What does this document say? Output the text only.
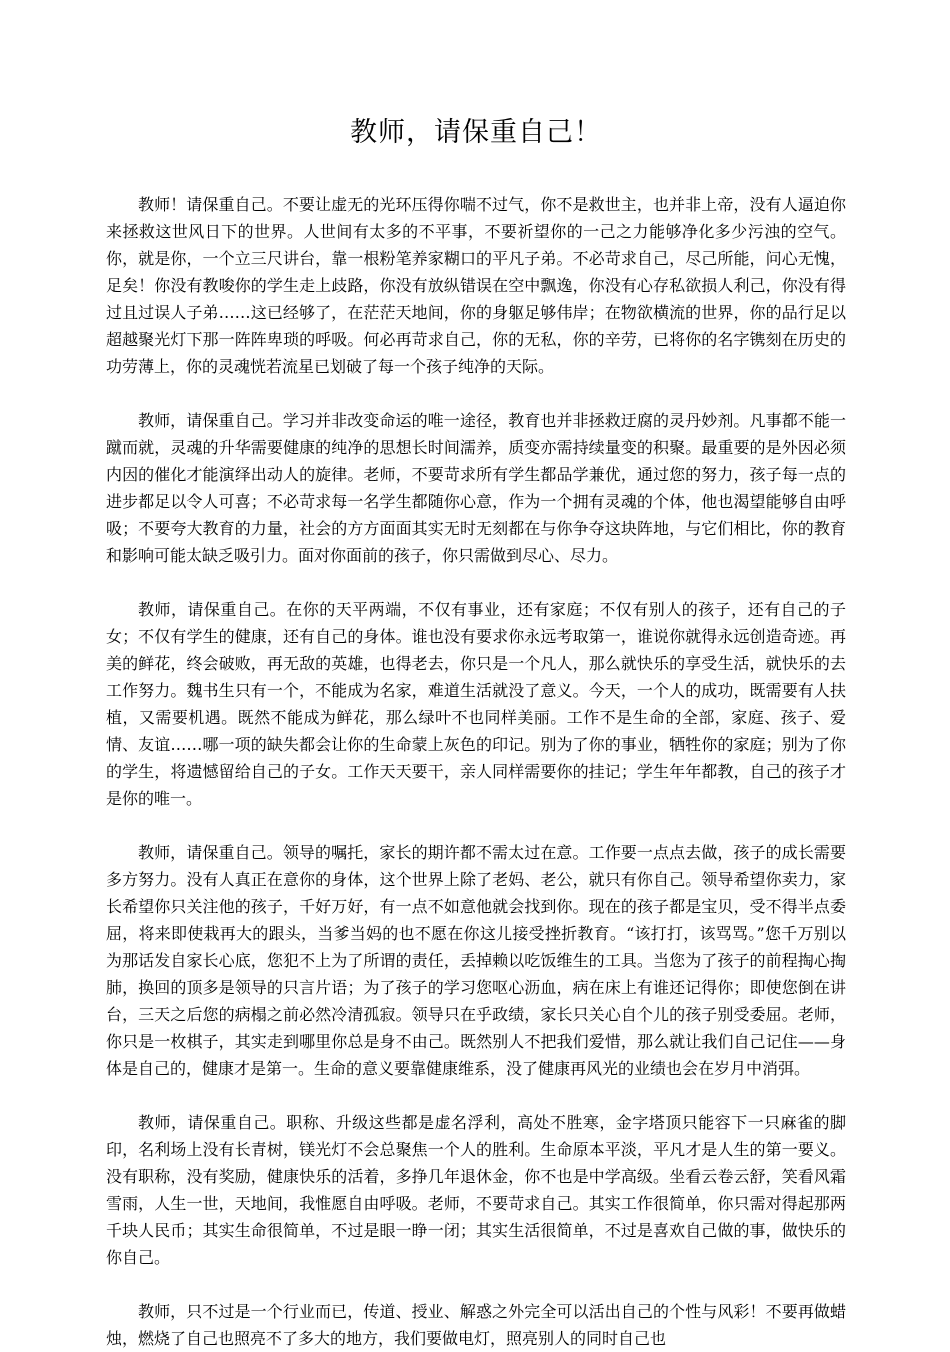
教师，请保重自己！

教师！请保重自己。不要让虚无的光环压得你喘不过气，你不是救世主，也并非上帝，没有人逼迫你来拯救这世风日下的世界。人世间有太多的不平事，不要祈望你的一己之力能够净化多少污浊的空气。你，就是你，一个立三尺讲台，靠一根粉笔养家糊口的平凡子弟。不必苛求自己，尽己所能，问心无愧，足矣！你没有教唆你的学生走上歧路，你没有放纵错误在空中飘逸，你没有心存私欲损人利己，你没有得过且过误人子弟……这已经够了，在茫茫天地间，你的身躯足够伟岸；在物欲横流的世界，你的品行足以超越聚光灯下那一阵阵卑琐的呼吸。何必再苛求自己，你的无私，你的辛劳，已将你的名字镌刻在历史的功劳薄上，你的灵魂恍若流星已划破了每一个孩子纯净的天际。

教师，请保重自己。学习并非改变命运的唯一途径，教育也并非拯救迂腐的灵丹妙剂。凡事都不能一蹴而就，灵魂的升华需要健康的纯净的思想长时间濡养，质变亦需持续量变的积聚。最重要的是外因必须内因的催化才能演绎出动人的旋律。老师，不要苛求所有学生都品学兼优，通过您的努力，孩子每一点的进步都足以令人可喜；不必苛求每一名学生都随你心意，作为一个拥有灵魂的个体，他也渴望能够自由呼吸；不要夸大教育的力量，社会的方方面面其实无时无刻都在与你争夺这块阵地，与它们相比，你的教育和影响可能太缺乏吸引力。面对你面前的孩子，你只需做到尽心、尽力。

教师，请保重自己。在你的天平两端，不仅有事业，还有家庭；不仅有别人的孩子，还有自己的子女；不仅有学生的健康，还有自己的身体。谁也没有要求你永远考取第一，谁说你就得永远创造奇迹。再美的鲜花，终会破败，再无敌的英雄，也得老去，你只是一个凡人，那么就快乐的享受生活，就快乐的去工作努力。魏书生只有一个，不能成为名家，难道生活就没了意义。今天，一个人的成功，既需要有人扶植，又需要机遇。既然不能成为鲜花，那么绿叶不也同样美丽。工作不是生命的全部，家庭、孩子、爱情、友谊……哪一项的缺失都会让你的生命蒙上灰色的印记。别为了你的事业，牺牲你的家庭；别为了你的学生，将遗憾留给自己的子女。工作天天要干，亲人同样需要你的挂记；学生年年都教，自己的孩子才是你的唯一。

教师，请保重自己。领导的嘱托，家长的期许都不需太过在意。工作要一点点去做，孩子的成长需要多方努力。没有人真正在意你的身体，这个世界上除了老妈、老公，就只有你自己。领导希望你卖力，家长希望你只关注他的孩子，千好万好，有一点不如意他就会找到你。现在的孩子都是宝贝，受不得半点委屈，将来即使栽再大的跟头，当爹当妈的也不愿在你这儿接受挫折教育。“该打打，该骂骂。”您千万别以为那话发自家长心底，您犯不上为了所谓的责任，丢掉赖以吃饭维生的工具。当您为了孩子的前程掏心掏肺，换回的顶多是领导的只言片语；为了孩子的学习您呕心沥血，病在床上有谁还记得你；即使您倒在讲台，三天之后您的病榻之前必然冷清孤寂。领导只在乎政绩，家长只关心自个儿的孩子别受委屈。老师，你只是一枚棋子，其实走到哪里你总是身不由己。既然别人不把我们爱惜，那么就让我们自己记住——身体是自己的，健康才是第一。生命的意义要靠健康维系，没了健康再风光的业绩也会在岁月中消弭。

教师，请保重自己。职称、升级这些都是虚名浮利，高处不胜寒，金字塔顶只能容下一只麻雀的脚印，名利场上没有长青树，镁光灯不会总聚焦一个人的胜利。生命原本平淡，平凡才是人生的第一要义。没有职称，没有奖励，健康快乐的活着，多挣几年退休金，你不也是中学高级。坐看云卷云舒，笑看风霜雪雨，人生一世，天地间，我惟愿自由呼吸。老师，不要苛求自己。其实工作很简单，你只需对得起那两千块人民币；其实生命很简单，不过是眼一睁一闭；其实生活很简单，不过是喜欢自己做的事，做快乐的你自己。

教师，只不过是一个行业而已，传道、授业、解惑之外完全可以活出自己的个性与风彩！不要再做蜡烛，燃烧了自己也照亮不了多大的地方，我们要做电灯，照亮别人的同时自己也
